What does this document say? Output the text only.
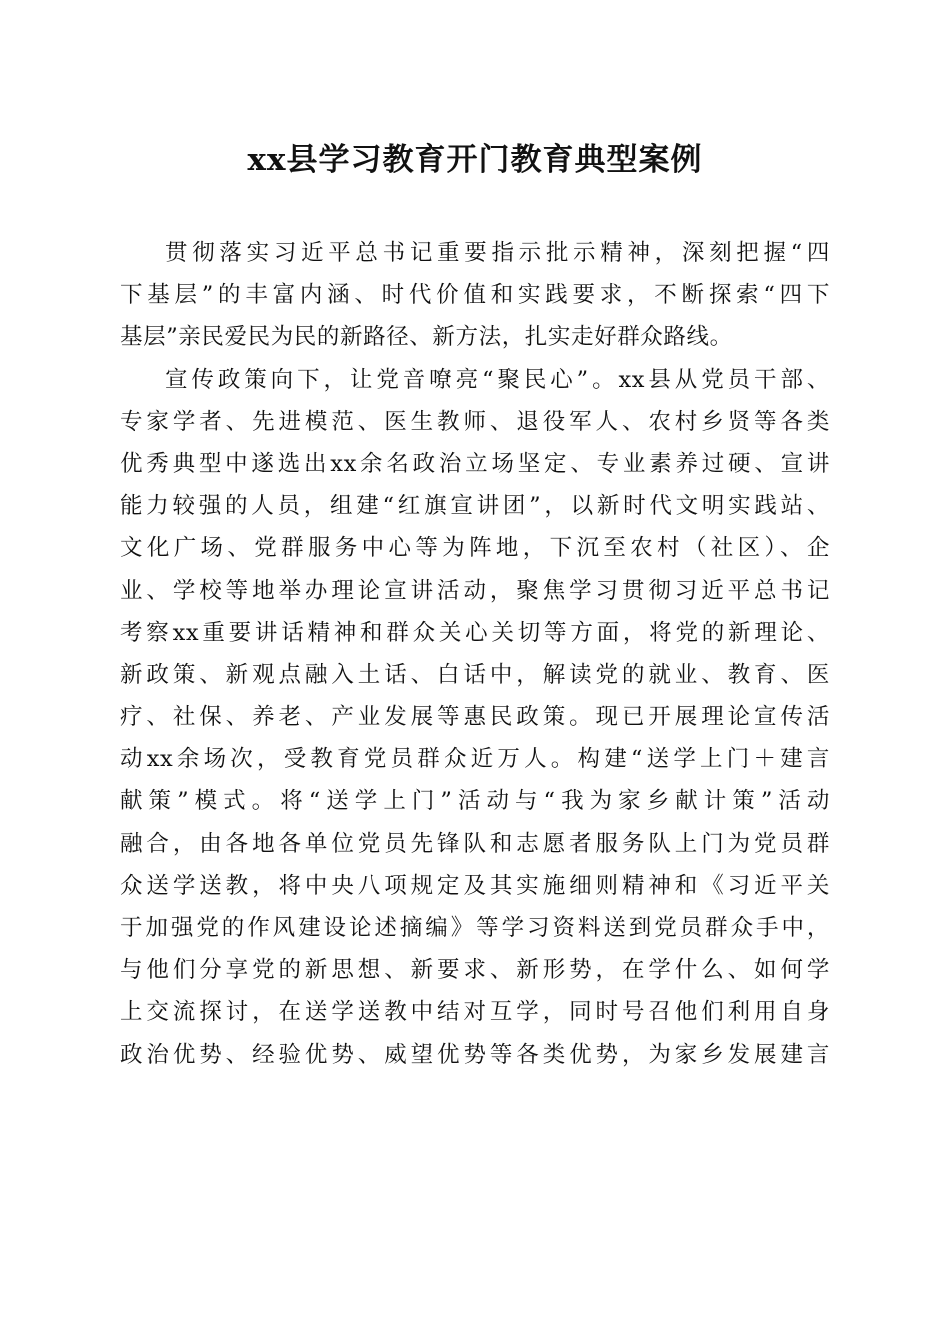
xx县学习教育开门教育典型案例
贯彻落实习近平总书记重要指示批示精神，深刻把握“四
下基层”的丰富内涵、时代价值和实践要求，不断探索“四下
基层”亲民爱民为民的新路径、新方法，扎实走好群众路线。
宣传政策向下，让党音嘹亮“聚民心”。xx县从党员干部、
专家学者、先进模范、医生教师、退役军人、农村乡贤等各类
优秀典型中遂选出xx余名政治立场坚定、专业素养过硬、宣讲
能力较强的人员，组建“红旗宣讲团”，以新时代文明实践站、
文化广场、党群服务中心等为阵地，下沉至农村（社区）、企
业、学校等地举办理论宣讲活动，聚焦学习贯彻习近平总书记
考察xx重要讲话精神和群众关心关切等方面，将党的新理论、
新政策、新观点融入土话、白话中，解读党的就业、教育、医
疗、社保、养老、产业发展等惠民政策。现已开展理论宣传活
动xx余场次，受教育党员群众近万人。构建“送学上门＋建言
献策”模式。将“送学上门”活动与“我为家乡献计策”活动
融合，由各地各单位党员先锋队和志愿者服务队上门为党员群
众送学送教，将中央八项规定及其实施细则精神和《习近平关
于加强党的作风建设论述摘编》等学习资料送到党员群众手中，
与他们分享党的新思想、新要求、新形势，在学什么、如何学
上交流探讨，在送学送教中结对互学，同时号召他们利用自身
政治优势、经验优势、威望优势等各类优势，为家乡发展建言
